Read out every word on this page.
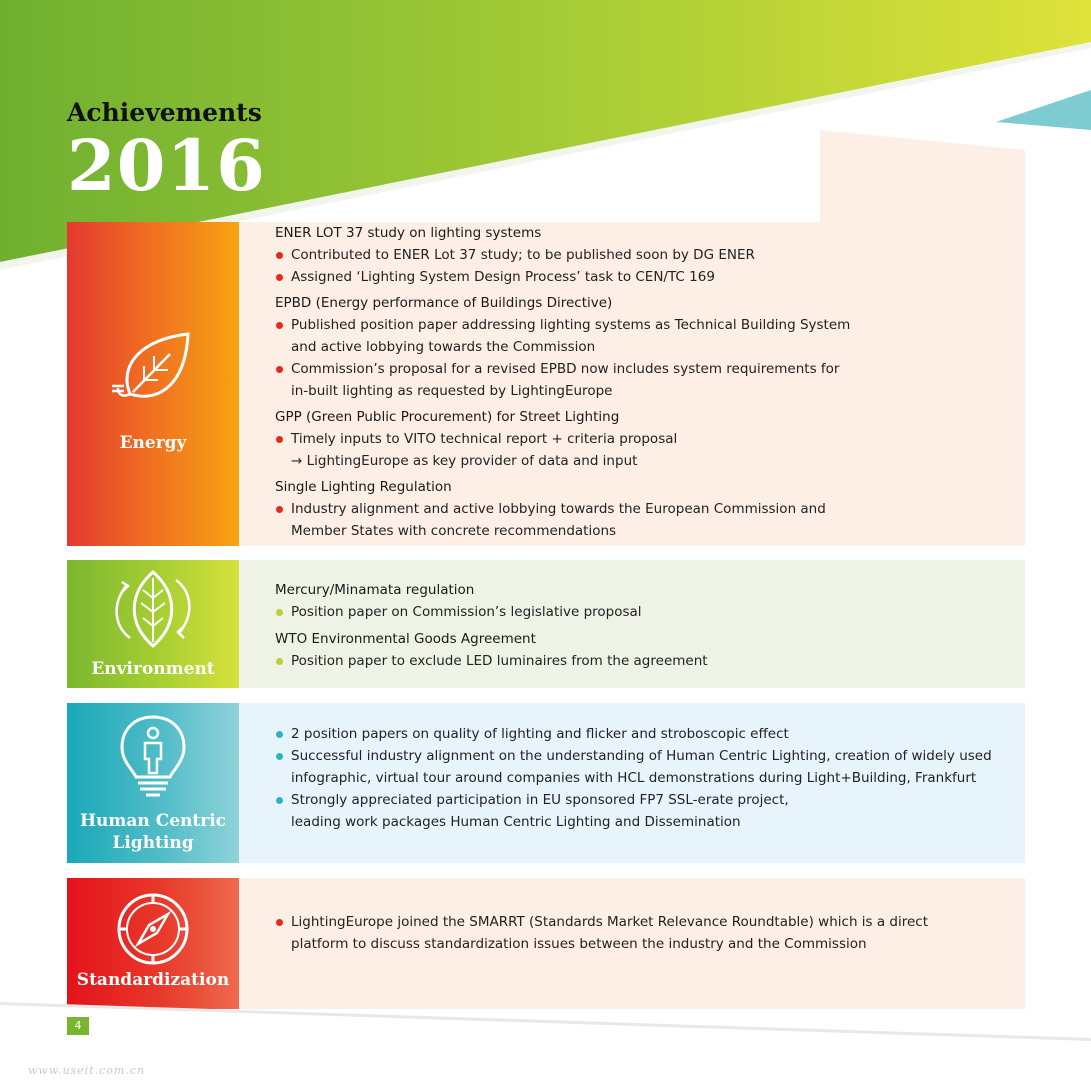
Achievements
2016
Energy
ENER LOT 37 study on lighting systems
Contributed to ENER Lot 37 study; to be published soon by DG ENER
Assigned ‘Lighting System Design Process’ task to CEN/TC 169
EPBD (Energy performance of Buildings Directive)
Published position paper addressing lighting systems as Technical Building System and active lobbying towards the Commission
Commission’s proposal for a revised EPBD now includes system requirements for in-built lighting as requested by LightingEurope
GPP (Green Public Procurement) for Street Lighting
Timely inputs to VITO technical report + criteria proposal
→ LightingEurope as key provider of data and input
Single Lighting Regulation
Industry alignment and active lobbying towards the European Commission and Member States with concrete recommendations
Environment
Mercury/Minamata regulation
Position paper on Commission’s legislative proposal
WTO Environmental Goods Agreement
Position paper to exclude LED luminaires from the agreement
Human Centric
Lighting
2 position papers on quality of lighting and flicker and stroboscopic effect
Successful industry alignment on the understanding of Human Centric Lighting, creation of widely used infographic, virtual tour around companies with HCL demonstrations during Light+Building, Frankfurt
Strongly appreciated participation in EU sponsored FP7 SSL-erate project, leading work packages Human Centric Lighting and Dissemination
Standardization
LightingEurope joined the SMARRT (Standards Market Relevance Roundtable) which is a direct platform to discuss standardization issues between the industry and the Commission
4
www.useit.com.cn
